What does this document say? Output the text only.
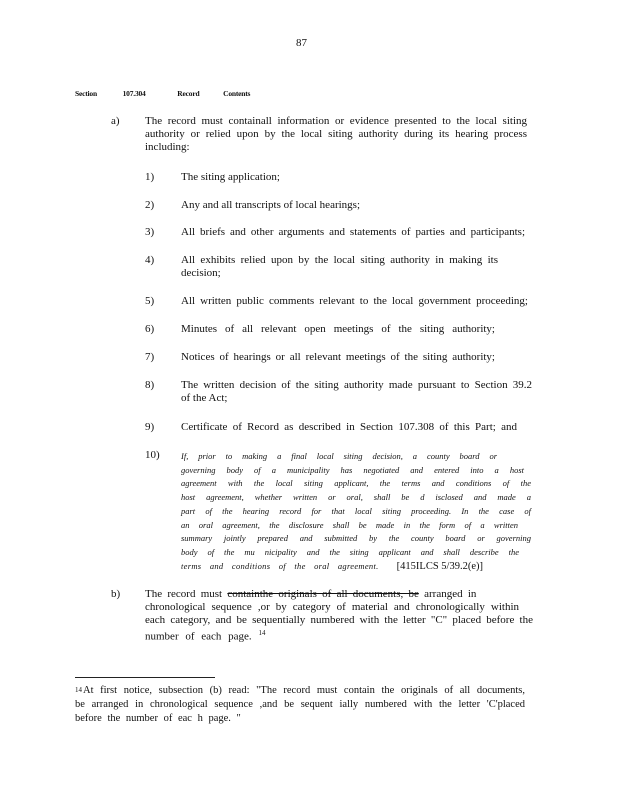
87
Section	107.304	Record	Contents
a) The record must containall information or evidence presented to the local siting
authority or relied upon by the local siting authority during its hearing process
including:
1) The siting application;
2) Any and all transcripts of local hearings;
3) All briefs and other arguments and statements of parties and participants;
4) All exhibits relied upon by the local siting authority in making its
decision;
5) All written public comments relevant to the local government proceeding;
6) Minutes of all relevant open meetings of the siting authority;
7) Notices of hearings or all relevant meetings of the siting authority;
8) The written decision of the siting authority made pursuant to Section 39.2
of the Act;
9) Certificate of Record as described in Section 107.308 of this Part; and
10)	If, prior to making a final local siting decision, a county board or
governing body of a municipality has negotiated and entered into a host
agreement with the local siting applicant, the terms and conditions of the
host agreement, whether written or oral, shall be d isclosed and made a
part of the hearing record for that local siting proceeding. In the case of
an oral agreement, the disclosure shall be made in the form of a written
summary jointly prepared and submitted by the county board or governing
body of the mu nicipality and the siting applicant and shall describe the
terms and conditions of the oral agreement. [415ILCS 5/39.2(e)]
b) The record must containthe originals of all documents, be arranged in
chronological sequence ,or by category of material and chronologically within
each category, and be sequentially numbered with the letter "C" placed before the
number of each page. $^{14}$
14 At first notice, subsection (b) read: "The record must contain the originals of all documents,
be arranged in chronological sequence ,and be sequent ially numbered with the letter 'C'placed
before the number of eac h page. "
